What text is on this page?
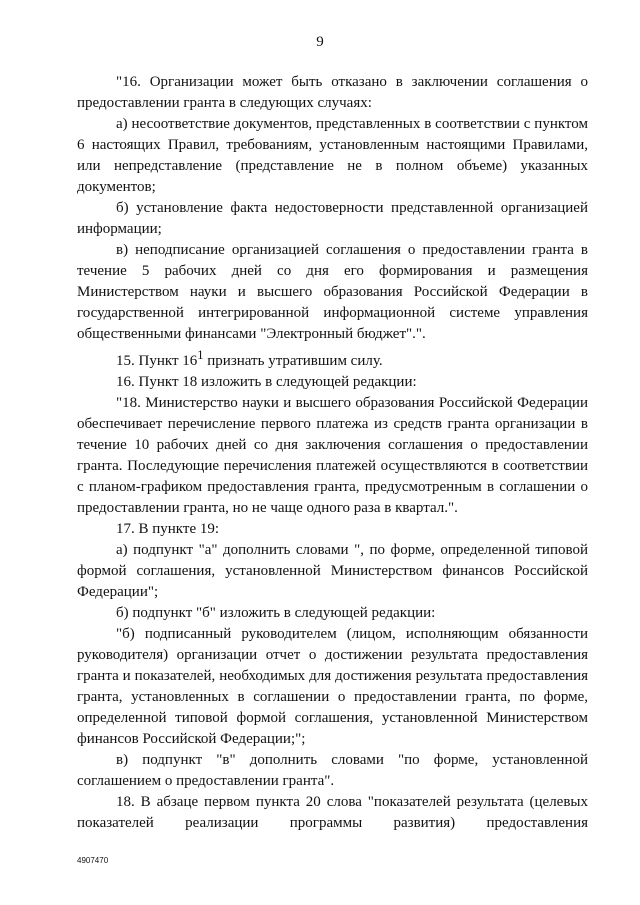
9

"16. Организации может быть отказано в заключении соглашения о предоставлении гранта в следующих случаях:

а) несоответствие документов, представленных в соответствии с пунктом 6 настоящих Правил, требованиям, установленным настоящими Правилами, или непредставление (представление не в полном объеме) указанных документов;

б) установление факта недостоверности представленной организацией информации;

в) неподписание организацией соглашения о предоставлении гранта в течение 5 рабочих дней со дня его формирования и размещения Министерством науки и высшего образования Российской Федерации в государственной интегрированной информационной системе управления общественными финансами "Электронный бюджет".".

15. Пункт $16^1$ признать утратившим силу.

16. Пункт 18 изложить в следующей редакции:

"18. Министерство науки и высшего образования Российской Федерации обеспечивает перечисление первого платежа из средств гранта организации в течение 10 рабочих дней со дня заключения соглашения о предоставлении гранта. Последующие перечисления платежей осуществляются в соответствии с планом-графиком предоставления гранта, предусмотренным в соглашении о предоставлении гранта, но не чаще одного раза в квартал.".

17. В пункте 19:

а) подпункт "а" дополнить словами ", по форме, определенной типовой формой соглашения, установленной Министерством финансов Российской Федерации";

б) подпункт "б" изложить в следующей редакции:

"б) подписанный руководителем (лицом, исполняющим обязанности руководителя) организации отчет о достижении результата предоставления гранта и показателей, необходимых для достижения результата предоставления гранта, установленных в соглашении о предоставлении гранта, по форме, определенной типовой формой соглашения, установленной Министерством финансов Российской Федерации;";

в) подпункт "в" дополнить словами "по форме, установленной соглашением о предоставлении гранта".

18. В абзаце первом пункта 20 слова "показателей результата (целевых показателей реализации программы развития) предоставления

4907470
